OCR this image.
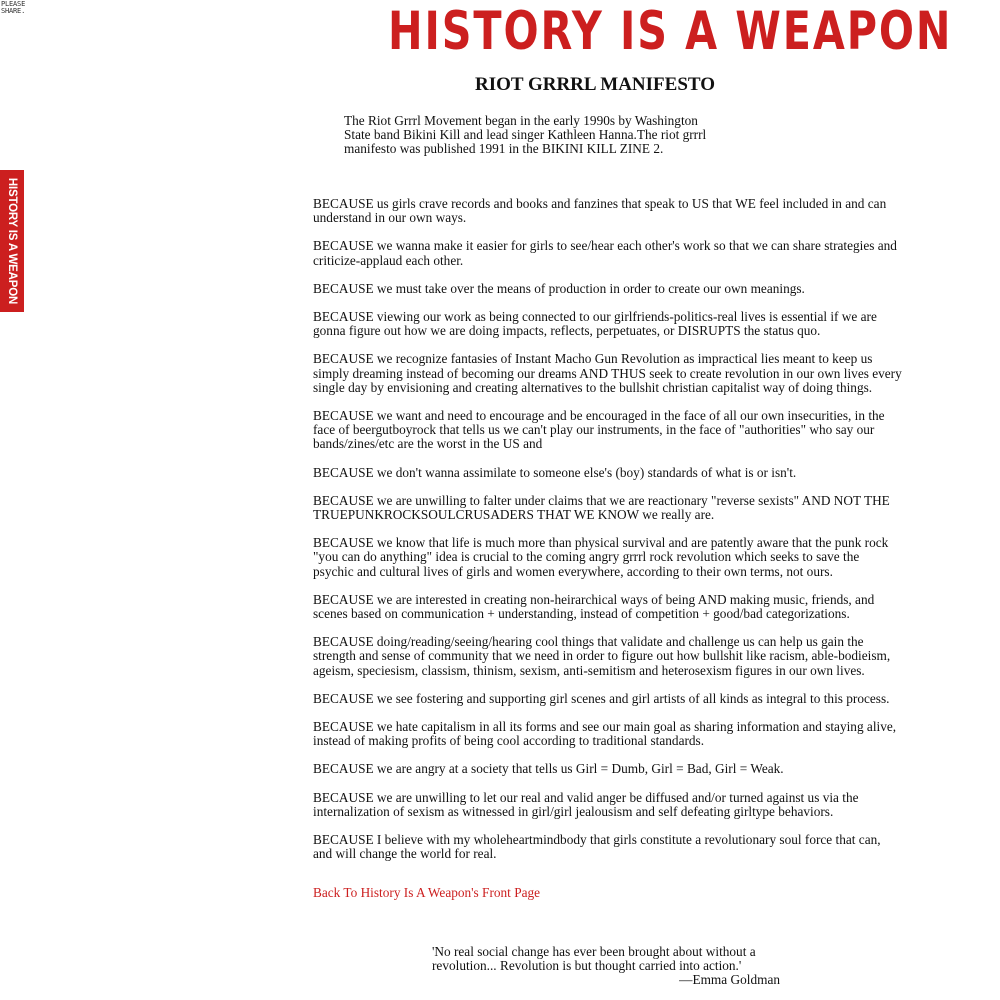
PLEASE
SHARE.
HISTORY IS A WEAPON
HISTORY IS A WEAPON
RIOT GRRRL MANIFESTO

The Riot Grrrl Movement began in the early 1990s by Washington State band Bikini Kill and lead singer Kathleen Hanna.The riot grrrl manifesto was published 1991 in the BIKINI KILL ZINE 2.

BECAUSE us girls crave records and books and fanzines that speak to US that WE feel included in and can understand in our own ways.

BECAUSE we wanna make it easier for girls to see/hear each other's work so that we can share strategies and criticize-applaud each other.

BECAUSE we must take over the means of production in order to create our own meanings.

BECAUSE viewing our work as being connected to our girlfriends-politics-real lives is essential if we are gonna figure out how we are doing impacts, reflects, perpetuates, or DISRUPTS the status quo.

BECAUSE we recognize fantasies of Instant Macho Gun Revolution as impractical lies meant to keep us simply dreaming instead of becoming our dreams AND THUS seek to create revolution in our own lives every single day by envisioning and creating alternatives to the bullshit christian capitalist way of doing things.

BECAUSE we want and need to encourage and be encouraged in the face of all our own insecurities, in the face of beergutboyrock that tells us we can't play our instruments, in the face of "authorities" who say our bands/zines/etc are the worst in the US and

BECAUSE we don't wanna assimilate to someone else's (boy) standards of what is or isn't.

BECAUSE we are unwilling to falter under claims that we are reactionary "reverse sexists" AND NOT THE TRUEPUNKROCKSOULCRUSADERS THAT WE KNOW we really are.

BECAUSE we know that life is much more than physical survival and are patently aware that the punk rock "you can do anything" idea is crucial to the coming angry grrrl rock revolution which seeks to save the psychic and cultural lives of girls and women everywhere, according to their own terms, not ours.

BECAUSE we are interested in creating non-heirarchical ways of being AND making music, friends, and scenes based on communication + understanding, instead of competition + good/bad categorizations.

BECAUSE doing/reading/seeing/hearing cool things that validate and challenge us can help us gain the strength and sense of community that we need in order to figure out how bullshit like racism, able-bodieism, ageism, speciesism, classism, thinism, sexism, anti-semitism and heterosexism figures in our own lives.

BECAUSE we see fostering and supporting girl scenes and girl artists of all kinds as integral to this process.

BECAUSE we hate capitalism in all its forms and see our main goal as sharing information and staying alive, instead of making profits of being cool according to traditional standards.

BECAUSE we are angry at a society that tells us Girl = Dumb, Girl = Bad, Girl = Weak.

BECAUSE we are unwilling to let our real and valid anger be diffused and/or turned against us via the internalization of sexism as witnessed in girl/girl jealousism and self defeating girltype behaviors.

BECAUSE I believe with my wholeheartmindbody that girls constitute a revolutionary soul force that can, and will change the world for real.

Back To History Is A Weapon's Front Page
'No real social change has ever been brought about without a revolution... Revolution is but thought carried into action.'
—Emma Goldman
